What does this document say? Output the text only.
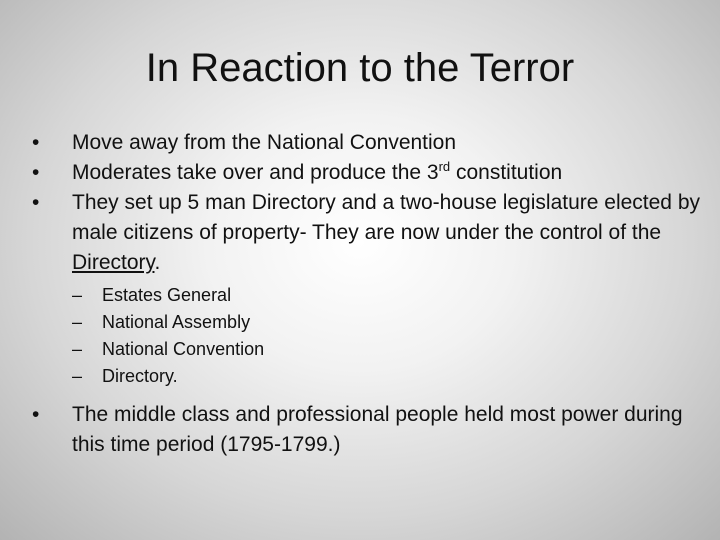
In Reaction to the Terror
• Move away from the National Convention
• Moderates take over and produce the 3rd constitution
• They set up 5 man Directory and a two-house legislature elected by male citizens of property- They are now under the control of the Directory.
– Estates General
– National Assembly
– National Convention
– Directory.
• The middle class and professional people held most power during this time period (1795-1799.)
